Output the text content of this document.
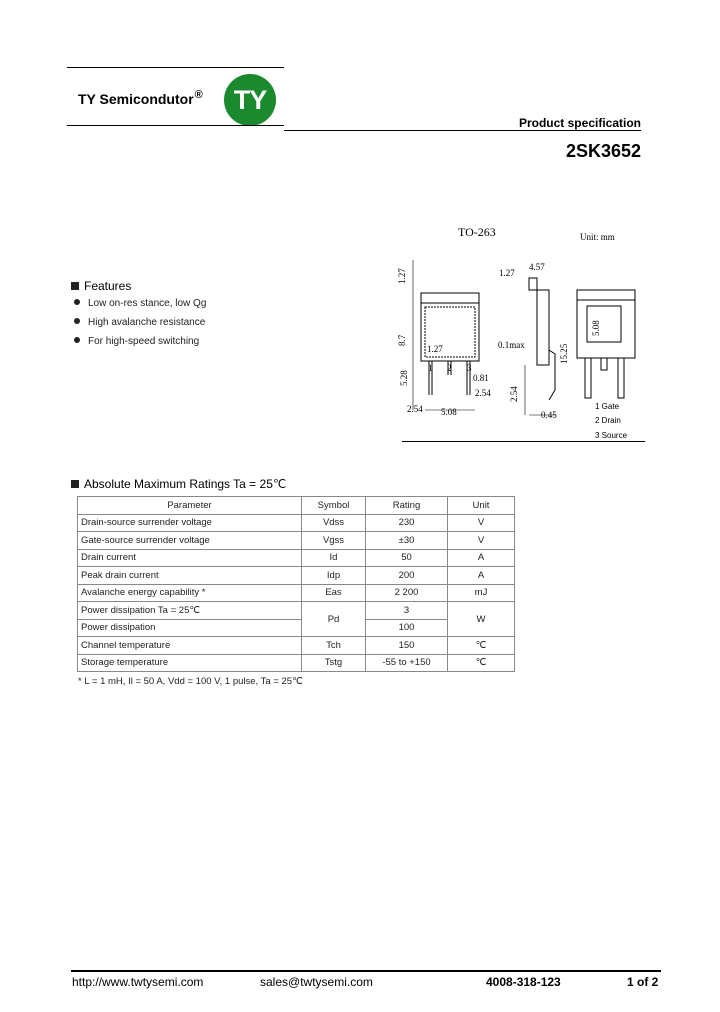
TY Semicondutor®	TY
Product specification
2SK3652
TO-263	Unit: mm
1.27	1.27
4.57
8.7
5.08
1.27	0.1max	15.25
5.28	0.81
2.54 2.54
5.08	0.45
2.54
1 2 3
1 Gate
2 Drain
3 Source
Features
Low on-res stance, low Qg
High avalanche resistance
For high-speed switching
Absolute Maximum Ratings Ta = 25℃
Parameter	Symbol	Rating	Unit
Drain-source surrender voltage	Vdss	230	V
Gate-source surrender voltage	Vgss	±30	V
Drain current	Id	50	A
Peak drain current	Idp	200	A
Avalanche energy capability *	Eas	2 200	mJ
Power dissipation Ta = 25℃	Pd	3	W
Power dissipation		100	
Channel temperature	Tch	150	℃
Storage temperature	Tstg	-55 to +150	℃
* L = 1 mH, Il = 50 A, Vdd = 100 V, 1 pulse, Ta = 25℃
http://www.twtysemi.com	sales@twtysemi.com	4008-318-123	1 of 2
